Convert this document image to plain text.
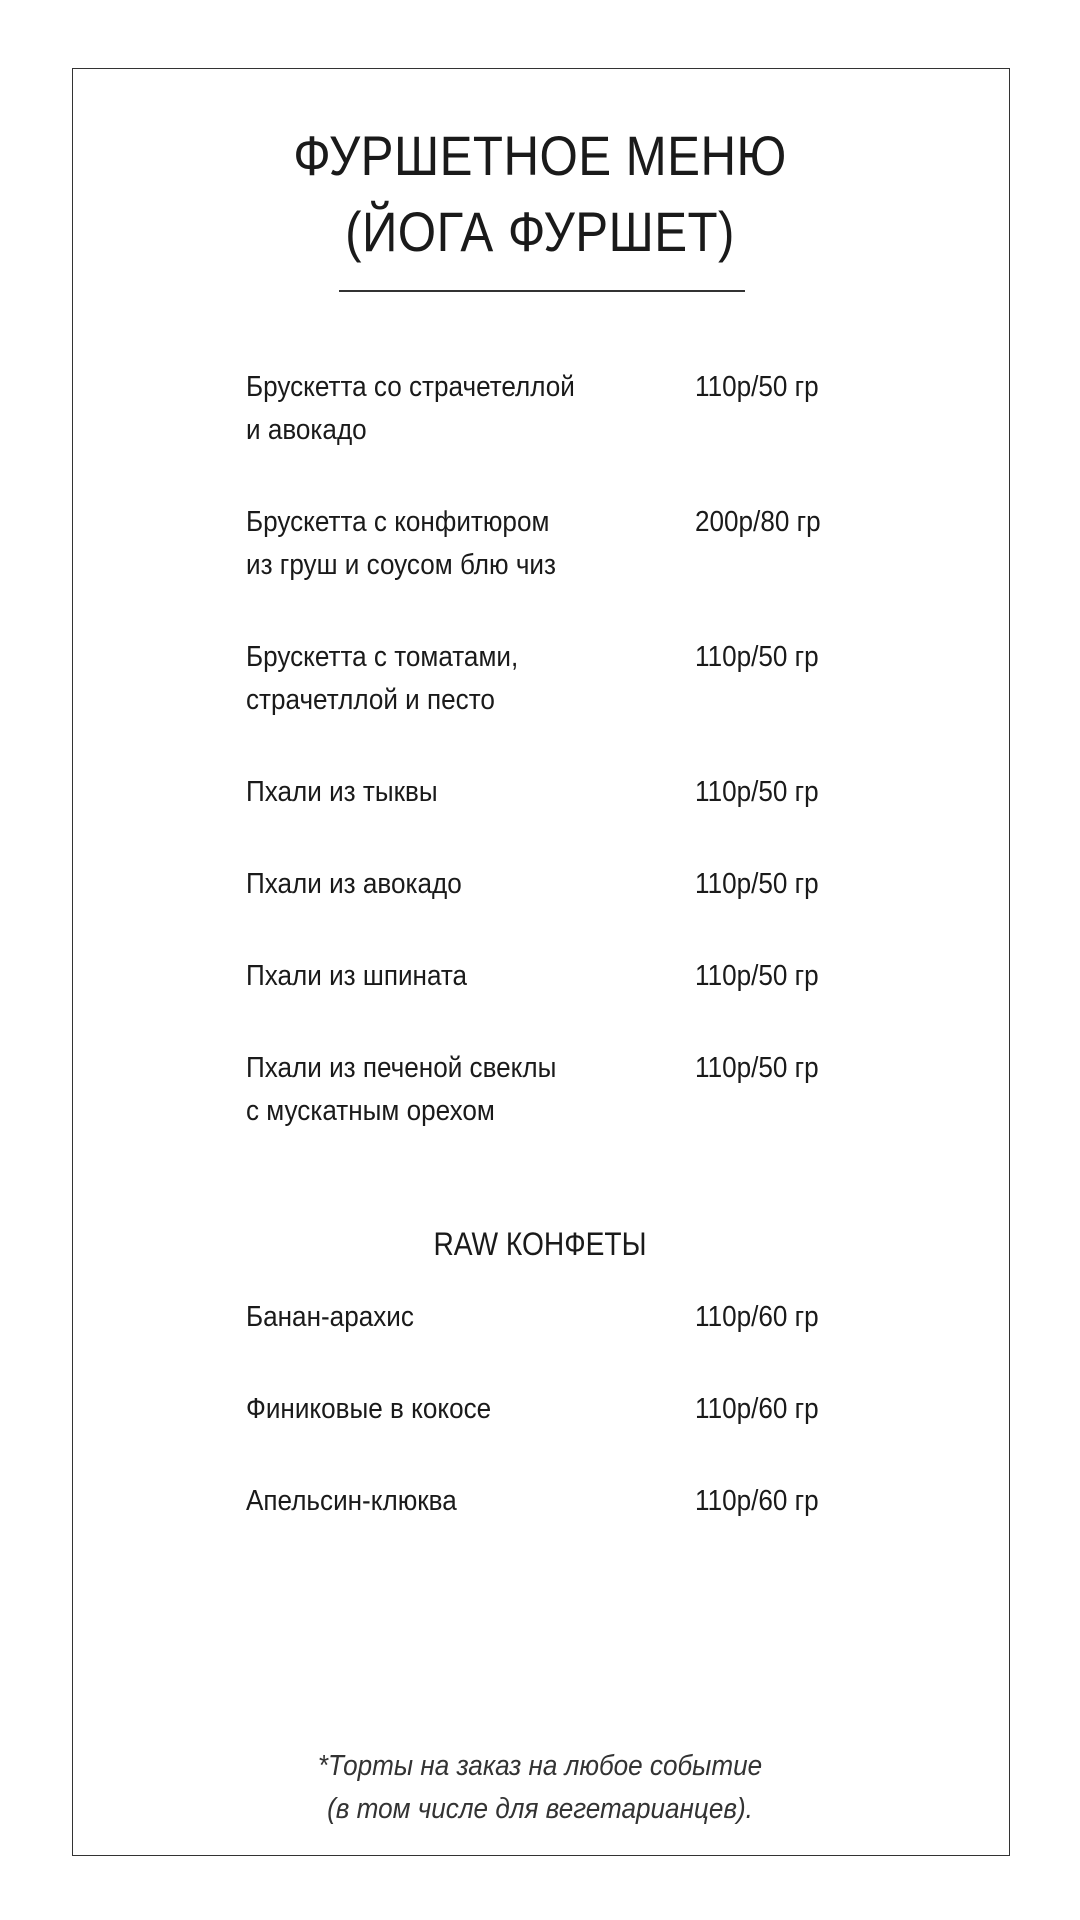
ФУРШЕТНОЕ МЕНЮ
(ЙОГА ФУРШЕТ)
Брускетта со страчетеллой
и авокадо
110р/50 гр
Брускетта с конфитюром
из груш и соусом блю чиз
200р/80 гр
Брускетта с томатами,
страчетллой и песто
110р/50 гр
Пхали из тыквы	110р/50 гр
Пхали из авокадо	110р/50 гр
Пхали из шпината	110р/50 гр
Пхали из печеной свеклы
с мускатным орехом
110р/50 гр
RAW КОНФЕТЫ
Банан-арахис	110р/60 гр
Финиковые в кокосе	110р/60 гр
Апельсин-клюква	110р/60 гр
*Торты на заказ на любое событие
(в том числе для вегетарианцев).
